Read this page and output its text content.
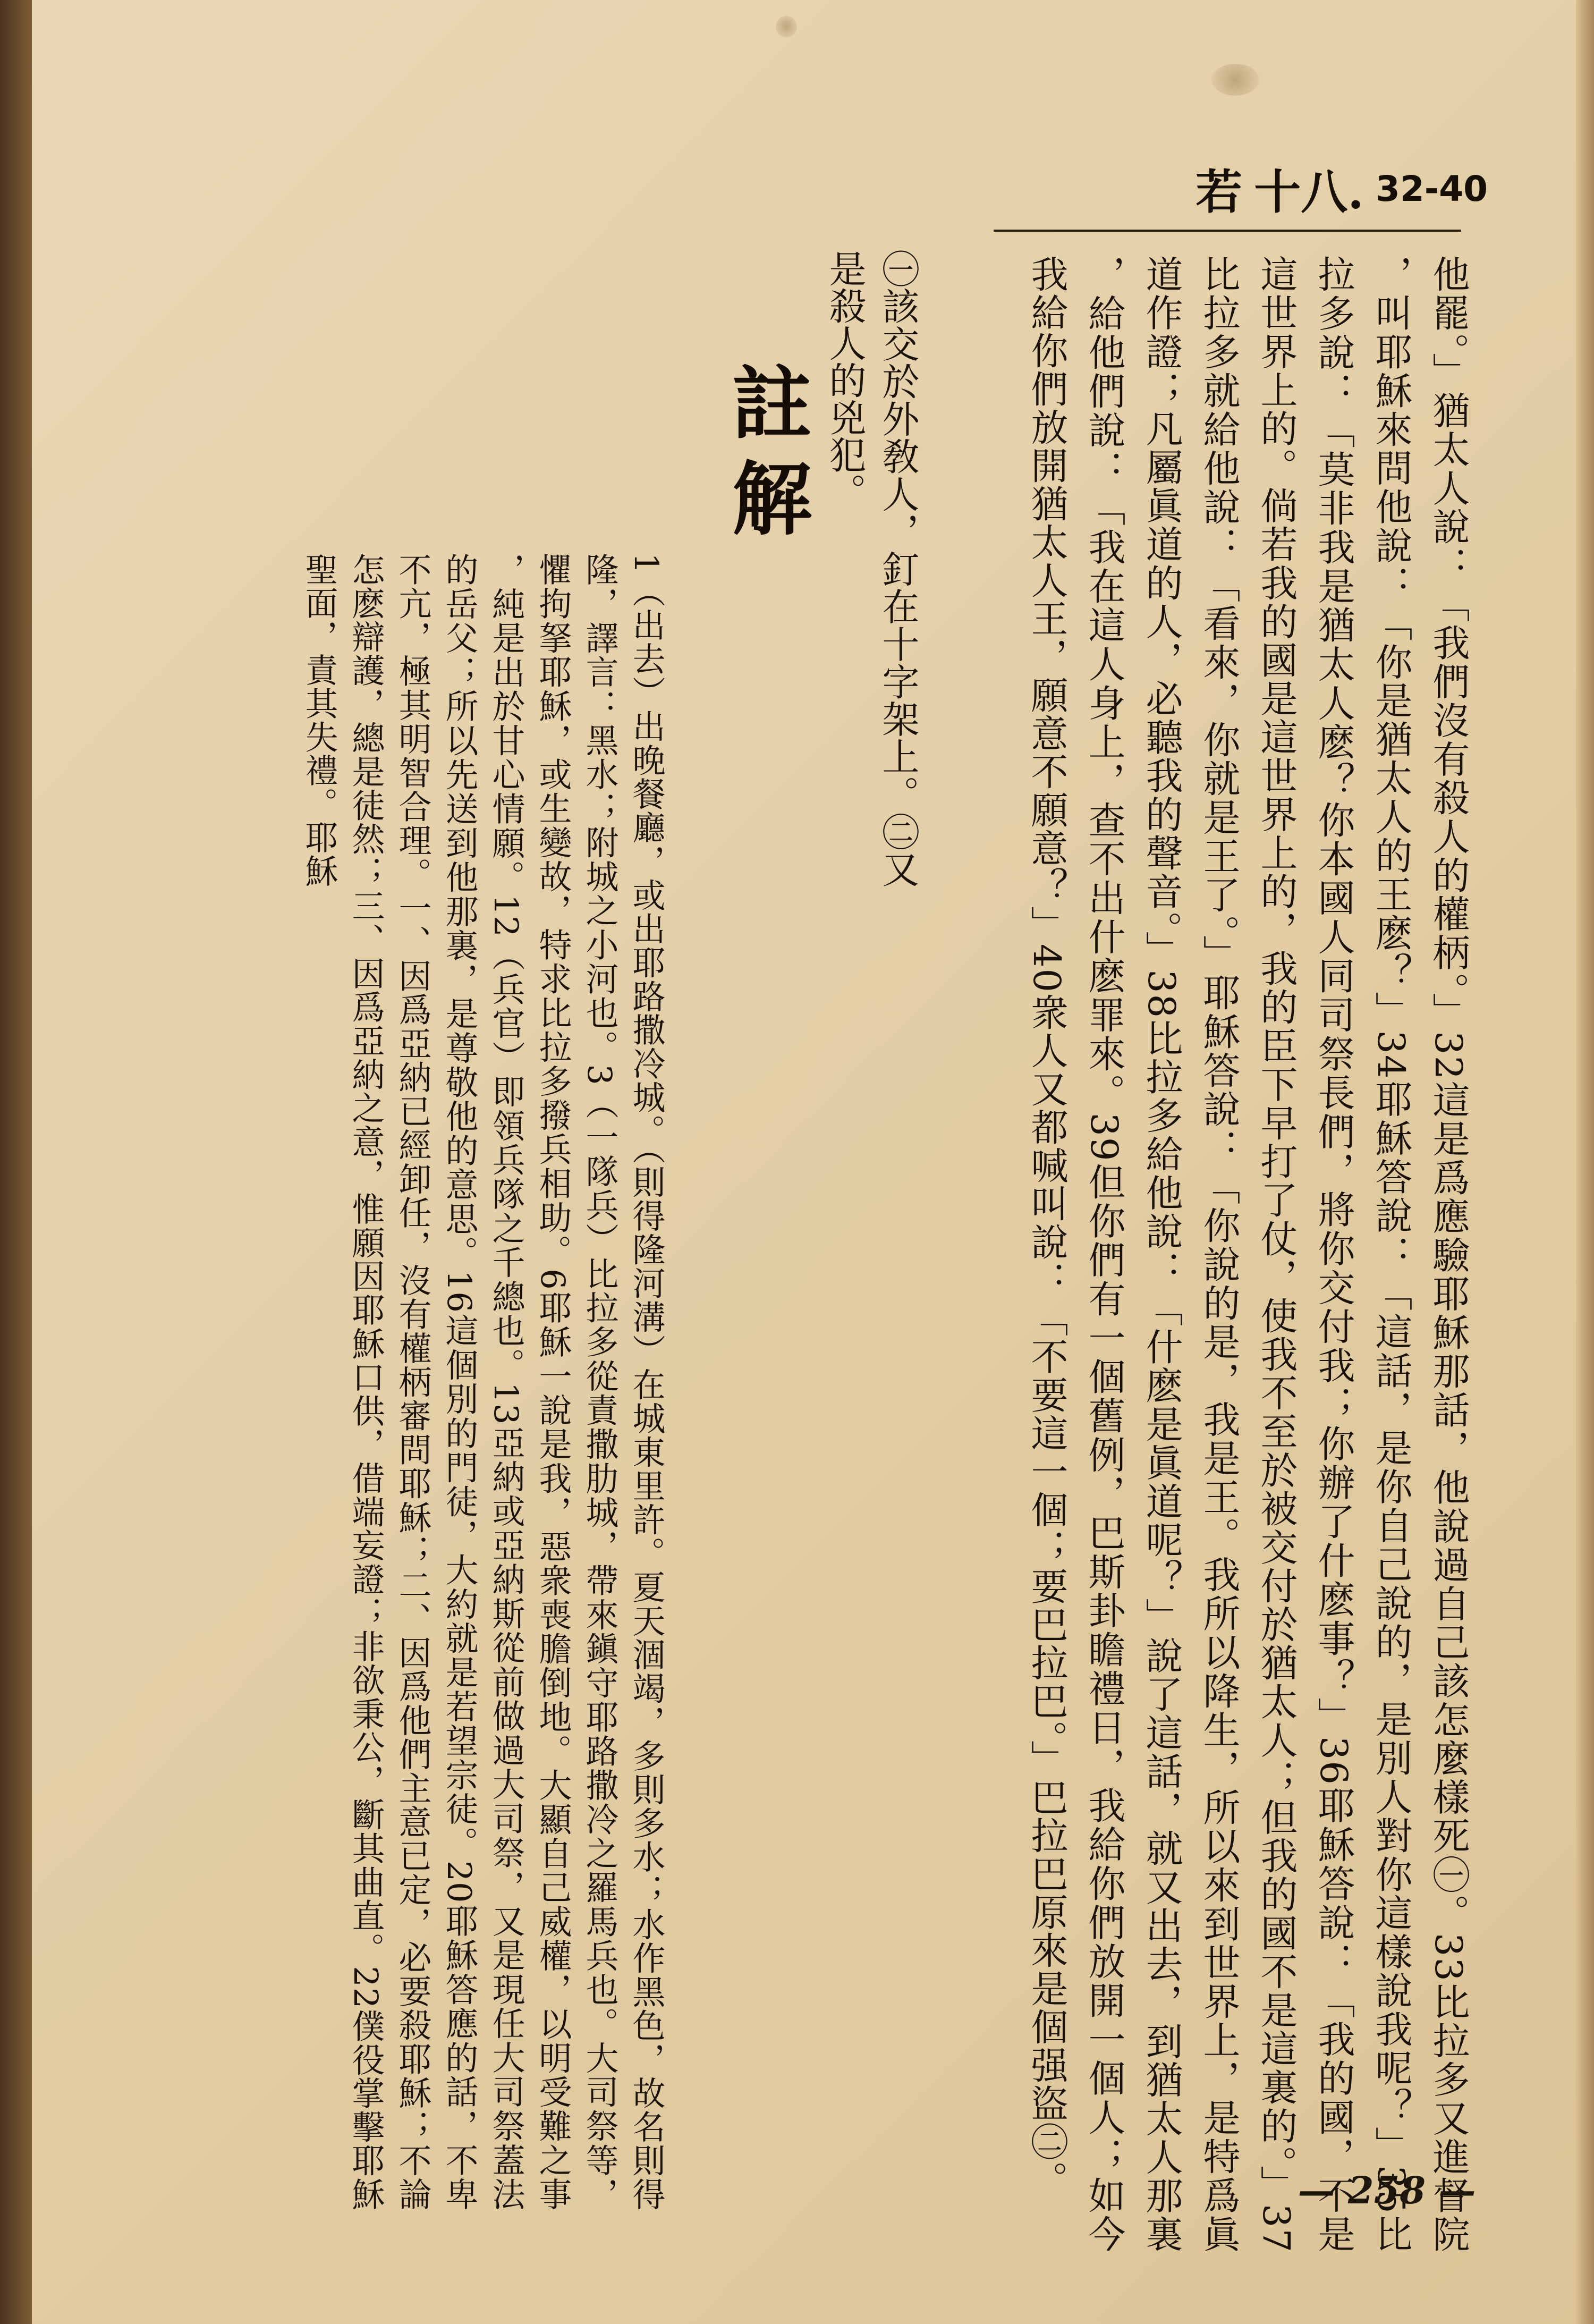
若 十八. 32-40
他罷。」猶太人說：「我們沒有殺人的權柄。」32這是爲應驗耶穌那話，他說過自己該怎麼樣死㊀。33比拉多又進督院，叫耶穌來問他說：「你是猶太人的王麽？」34耶穌答說：「這話，是你自己說的，是別人對你這樣說我呢？」35比拉多說：「莫非我是猶太人麽？你本國人同司祭長們，將你交付我；你辦了什麽事？」36耶穌答說：「我的國，不是這世界上的。倘若我的國是這世界上的，我的臣下早打了仗，使我不至於被交付於猶太人；但我的國不是這裏的。」37比拉多就給他說：「看來，你就是王了。」耶穌答說：「你說的是，我是王。我所以降生，所以來到世界上，是特爲眞道作證；凡屬眞道的人，必聽我的聲音。」38比拉多給他說：「什麽是眞道呢？」說了這話，就又出去，到猶太人那裏，給他們說：「我在這人身上，查不出什麽罪來。39但你們有一個舊例，巴斯卦瞻禮日，我給你們放開一個人；如今我給你們放開猶太人王，願意不願意？」40衆人又都喊叫說：「不要這一個；要巴拉巴。」巴拉巴原來是個强盜㊁。
㊀該交於外敎人，釘在十字架上。㊁又是殺人的兇犯。
註解
1（出去）出晚餐廳，或出耶路撒冷城。（則得隆河溝）在城東里許。夏天涸竭，多則多水；水作黑色，故名則得隆，譯言：黑水；附城之小河也。3（一隊兵）比拉多從責撒肋城，帶來鎭守耶路撒冷之羅馬兵也。大司祭等，懼拘拏耶穌，或生變故，特求比拉多撥兵相助。6耶穌一說是我，惡衆喪膽倒地。大顯自己威權，以明受難之事，純是出於甘心情願。12（兵官）即領兵隊之千總也。13亞納或亞納斯從前做過大司祭，又是現任大司祭蓋法的岳父；所以先送到他那裏，是尊敬他的意思。16這個別的門徒，大約就是若望宗徒。20耶穌答應的話，不卑不亢，極其明智合理。一、因爲亞納已經卸任，沒有權柄審問耶穌；二、因爲他們主意已定，必要殺耶穌；不論怎麽辯護，總是徒然；三、因爲亞納之意，惟願因耶穌口供，借端妄證；非欲秉公，斷其曲直。22僕役掌擊耶穌聖面，責其失禮。耶穌
— 258 —
